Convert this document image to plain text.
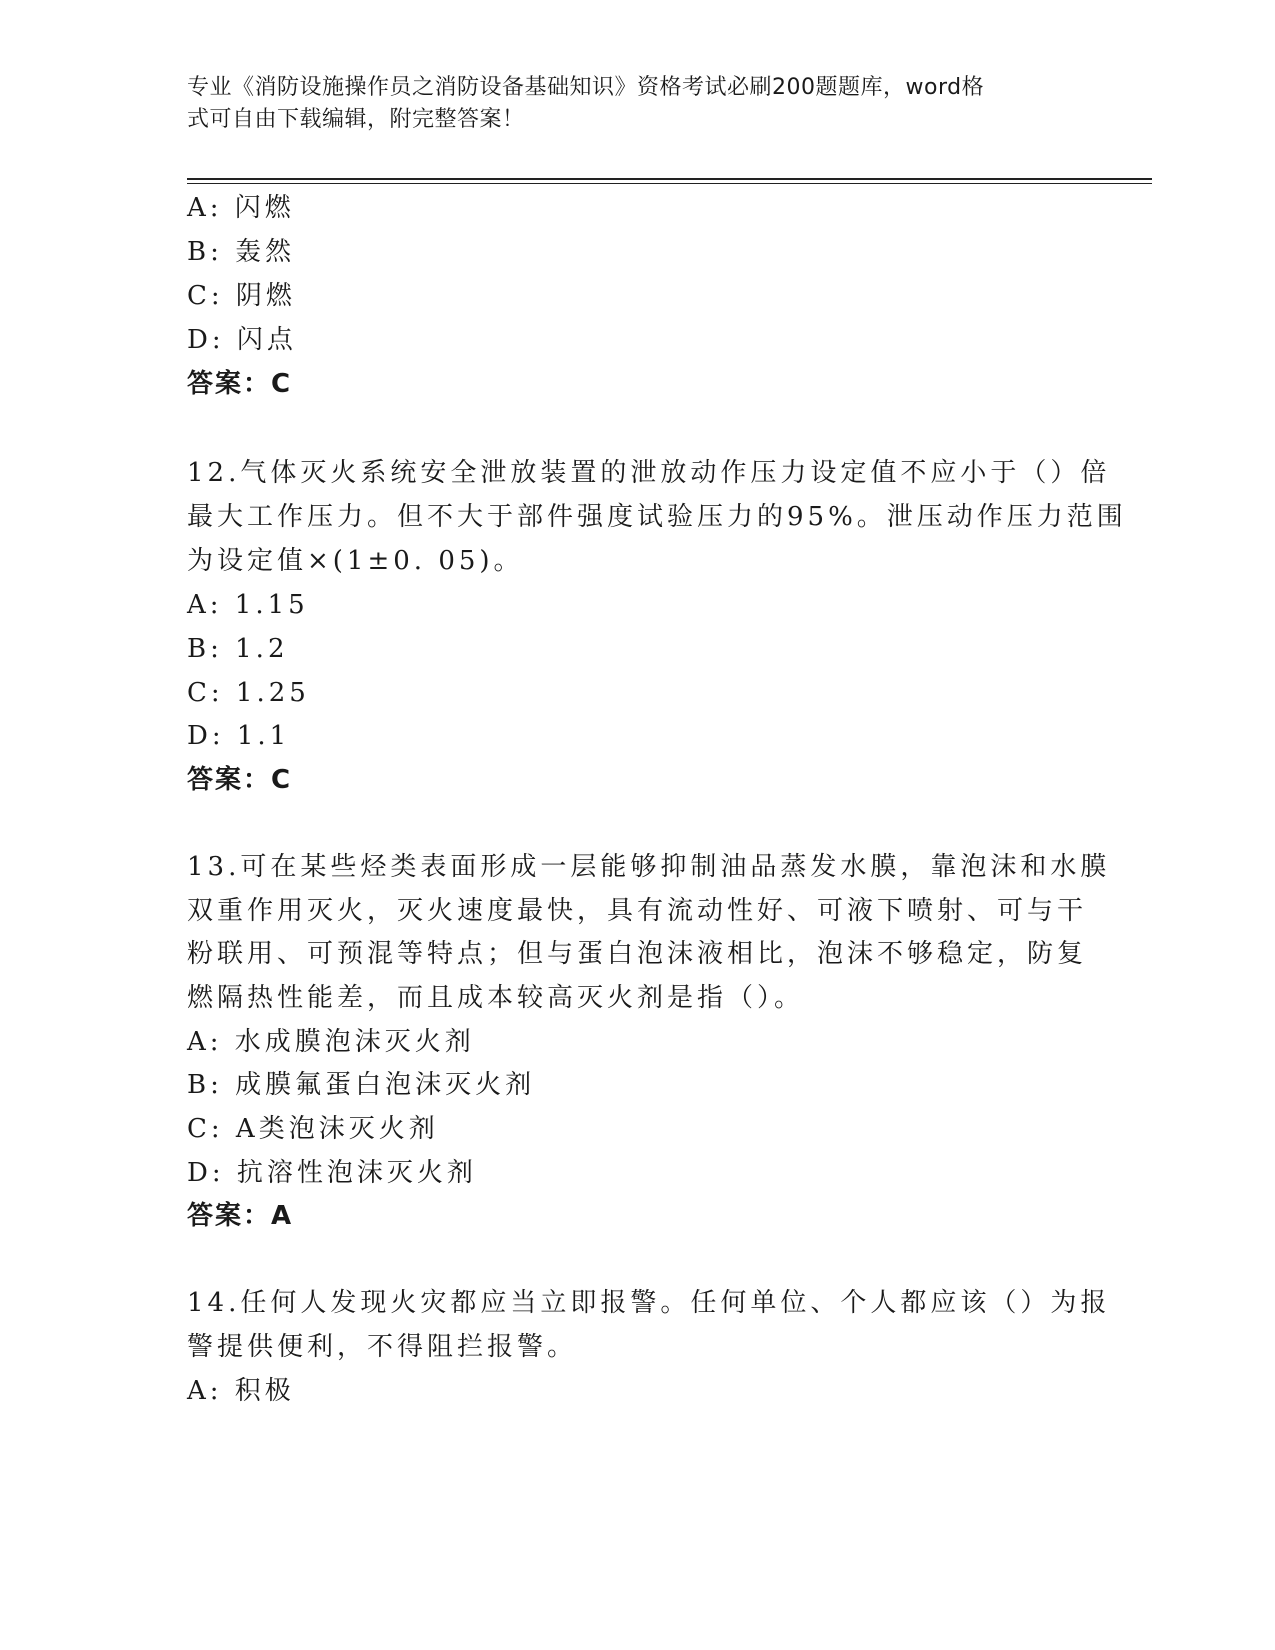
专业《消防设施操作员之消防设备基础知识》资格考试必刷200题题库，word格
式可自由下载编辑，附完整答案！
A: 闪燃
B: 轰然
C: 阴燃
D: 闪点
答案：C
12.气体灭火系统安全泄放装置的泄放动作压力设定值不应小于（）倍
最大工作压力。但不大于部件强度试验压力的95%。泄压动作压力范围
为设定值×(1±0. 05)。
A: 1.15
B: 1.2
C: 1.25
D: 1.1
答案：C
13.可在某些烃类表面形成一层能够抑制油品蒸发水膜，靠泡沫和水膜
双重作用灭火，灭火速度最快，具有流动性好、可液下喷射、可与干
粉联用、可预混等特点；但与蛋白泡沫液相比，泡沫不够稳定，防复
燃隔热性能差，而且成本较高灭火剂是指（）。
A: 水成膜泡沫灭火剂
B: 成膜氟蛋白泡沫灭火剂
C: A类泡沫灭火剂
D: 抗溶性泡沫灭火剂
答案：A
14.任何人发现火灾都应当立即报警。任何单位、个人都应该（）为报
警提供便利，不得阻拦报警。
A: 积极
